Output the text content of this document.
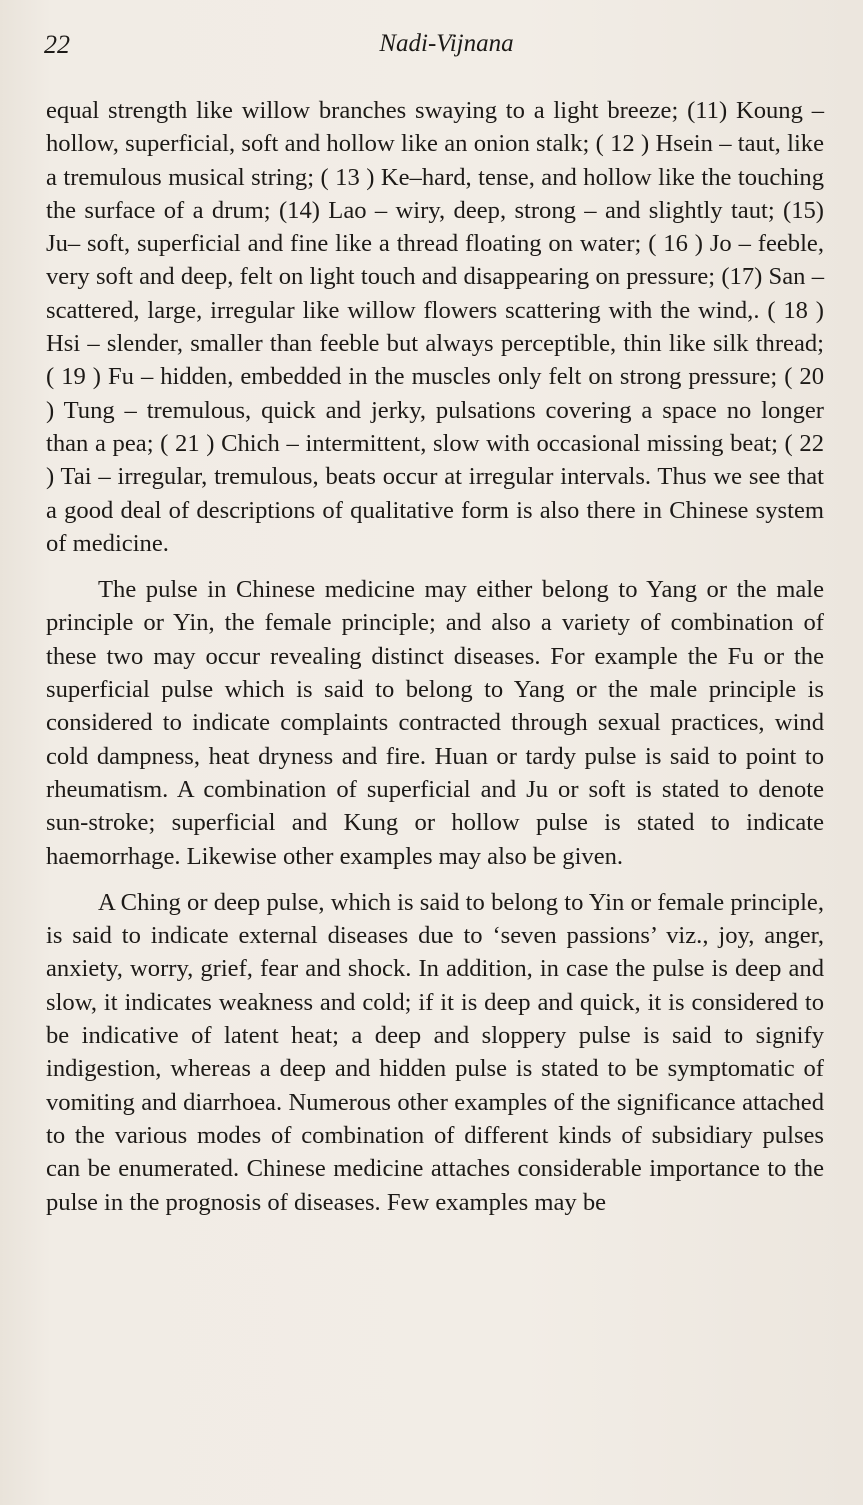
22	Nadi-Vijnana

equal strength like willow branches swaying to a light breeze; (11) Koung – hollow, superficial, soft and hollow like an onion stalk; ( 12 ) Hsein – taut, like a tremulous musical string; ( 13 ) Ke–hard, tense, and hollow like the touching the surface of a drum; (14) Lao – wiry, deep, strong – and slightly taut; (15) Ju– soft, superficial and fine like a thread floating on water; ( 16 ) Jo – feeble, very soft and deep, felt on light touch and disappearing on pressure; (17) San – scattered, large, irregular like willow flowers scattering with the wind,. ( 18 ) Hsi – slender, smaller than feeble but always perceptible, thin like silk thread; ( 19 ) Fu – hidden, embedded in the muscles only felt on strong pressure; ( 20 ) Tung – tremulous, quick and jerky, pulsations covering a space no longer than a pea; ( 21 ) Chich – intermittent, slow with occasional missing beat; ( 22 ) Tai – irregular, tremulous, beats occur at irregular intervals. Thus we see that a good deal of descriptions of qualitative form is also there in Chinese system of medicine.

The pulse in Chinese medicine may either belong to Yang or the male principle or Yin, the female principle; and also a variety of combination of these two may occur revealing distinct diseases. For example the Fu or the superficial pulse which is said to belong to Yang or the male principle is considered to indicate complaints contracted through sexual practices, wind cold dampness, heat dryness and fire. Huan or tardy pulse is said to point to rheumatism. A combination of superficial and Ju or soft is stated to denote sun-stroke; superficial and Kung or hollow pulse is stated to indicate haemorrhage. Likewise other examples may also be given.

A Ching or deep pulse, which is said to belong to Yin or female principle, is said to indicate external diseases due to ‘seven passions’ viz., joy, anger, anxiety, worry, grief, fear and shock. In addition, in case the pulse is deep and slow, it indicates weakness and cold; if it is deep and quick, it is considered to be indicative of latent heat; a deep and sloppery pulse is said to signify indigestion, whereas a deep and hidden pulse is stated to be symptomatic of vomiting and diarrhoea. Numerous other examples of the significance attached to the various modes of combination of different kinds of subsidiary pulses can be enumerated. Chinese medicine attaches considerable importance to the pulse in the prognosis of diseases. Few examples may be
